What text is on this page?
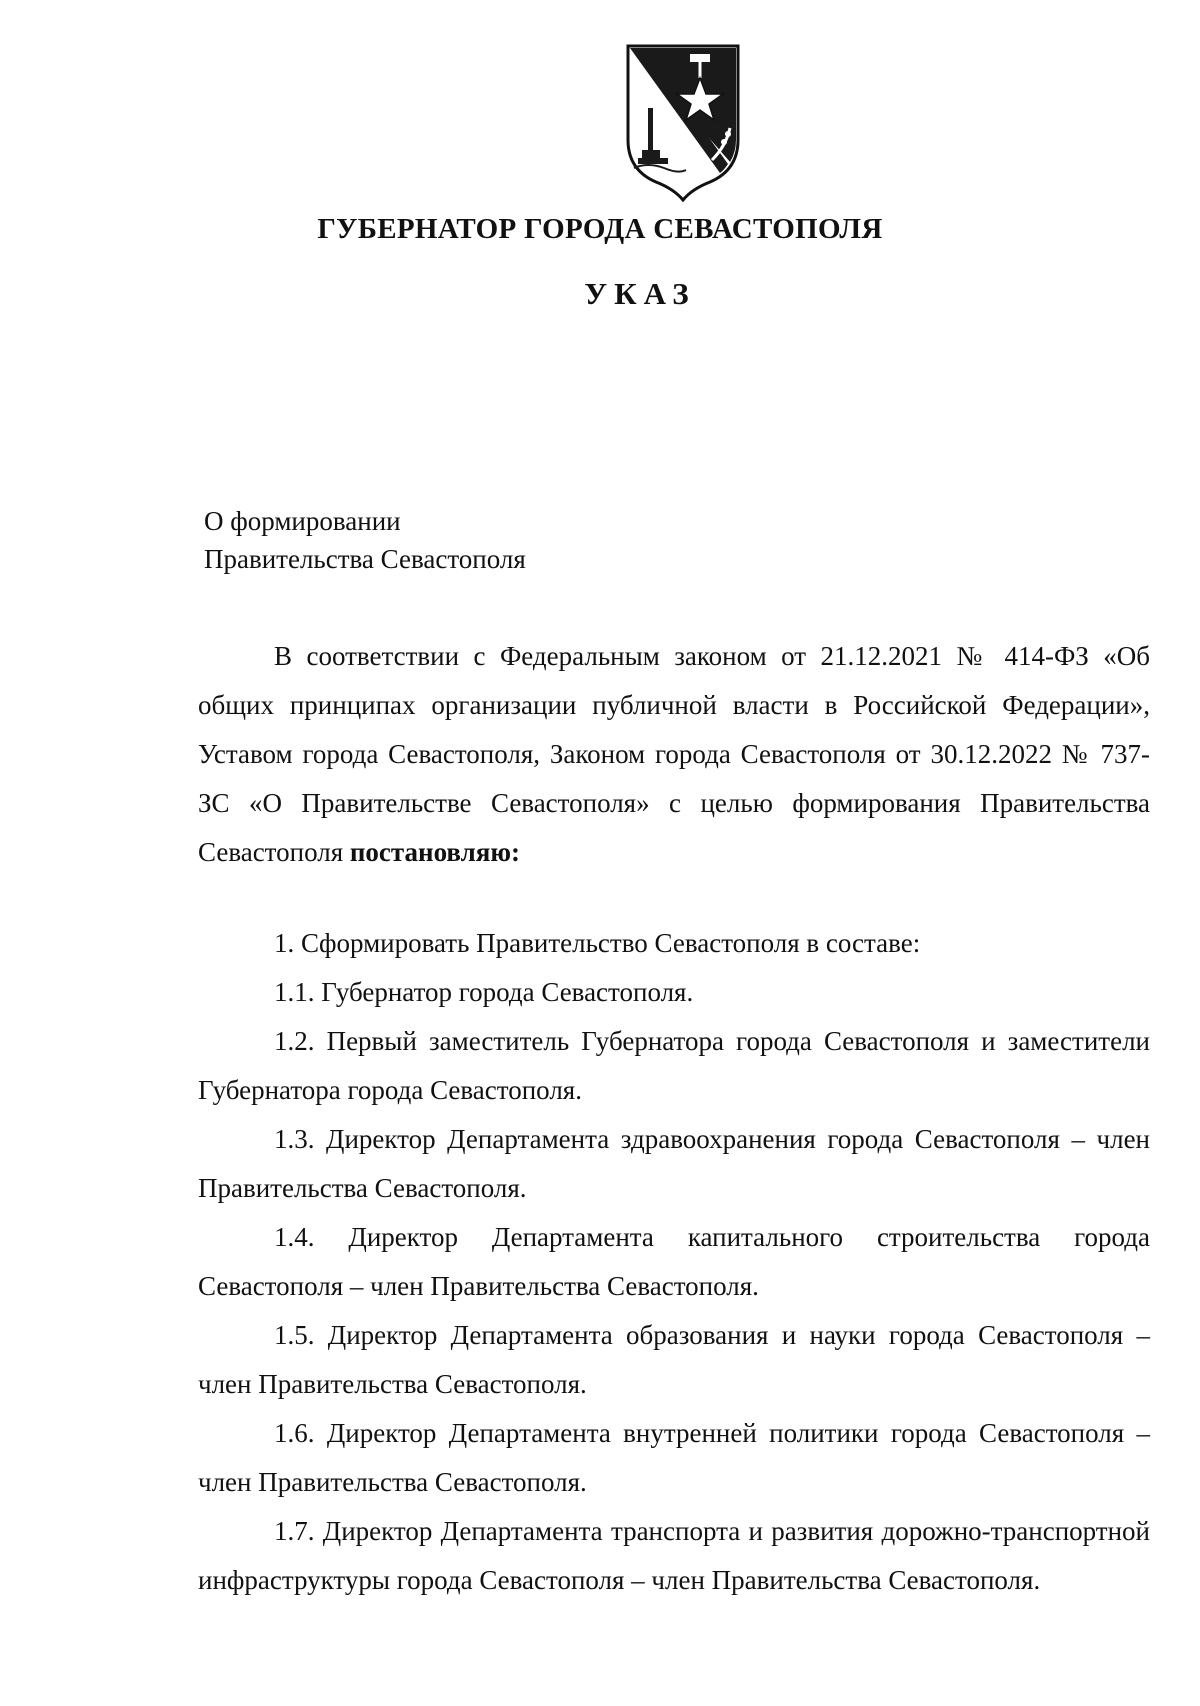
ГУБЕРНАТОР ГОРОДА СЕВАСТОПОЛЯ
УКАЗ
О формировании
Правительства Севастополя

В соответствии с Федеральным законом от 21.12.2021 № 414-ФЗ «Об общих принципах организации публичной власти в Российской Федерации», Уставом города Севастополя, Законом города Севастополя от 30.12.2022 № 737-ЗС «О Правительстве Севастополя» с целью формирования Правительства Севастополя постановляю:

1. Сформировать Правительство Севастополя в составе:

1.1. Губернатор города Севастополя.

1.2. Первый заместитель Губернатора города Севастополя и заместители Губернатора города Севастополя.

1.3. Директор Департамента здравоохранения города Севастополя – член Правительства Севастополя.

1.4. Директор Департамента капитального строительства города Севастополя – член Правительства Севастополя.

1.5. Директор Департамента образования и науки города Севастополя – член Правительства Севастополя.

1.6. Директор Департамента внутренней политики города Севастополя – член Правительства Севастополя.

1.7. Директор Департамента транспорта и развития дорожно-транспортной инфраструктуры города Севастополя – член Правительства Севастополя.
